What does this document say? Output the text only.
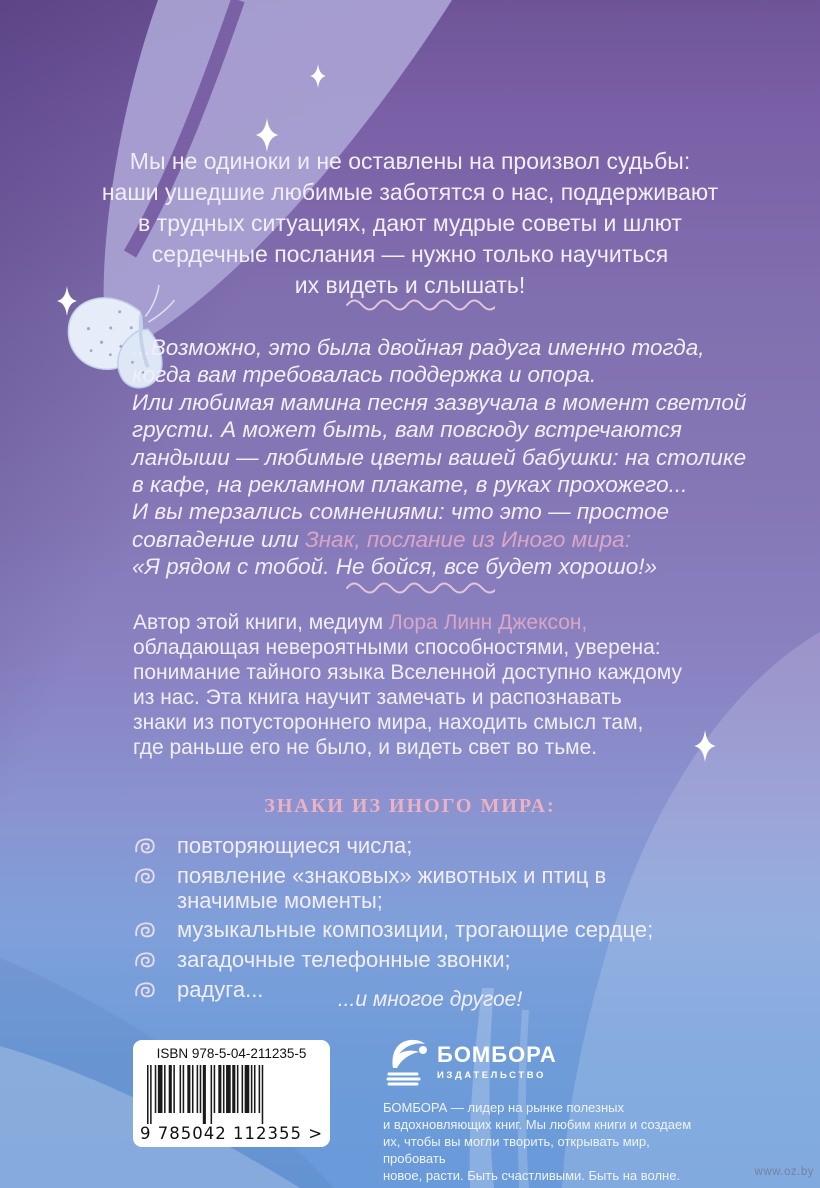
Мы не одиноки и не оставлены на произвол судьбы:
наши ушедшие любимые заботятся о нас, поддерживают
в трудных ситуациях, дают мудрые советы и шлют
сердечные послания — нужно только научиться
их видеть и слышать!
...Возможно, это была двойная радуга именно тогда,
когда вам требовалась поддержка и опора.
Или любимая мамина песня зазвучала в момент светлой
грусти. А может быть, вам повсюду встречаются
ландыши — любимые цветы вашей бабушки: на столике
в кафе, на рекламном плакате, в руках прохожего...
И вы терзались сомнениями: что это — простое
совпадение или Знак, послание из Иного мира:
«Я рядом с тобой. Не бойся, все будет хорошо!»
Автор этой книги, медиум Лора Линн Джексон,
обладающая невероятными способностями, уверена:
понимание тайного языка Вселенной доступно каждому
из нас. Эта книга научит замечать и распознавать
знаки из потустороннего мира, находить смысл там,
где раньше его не было, и видеть свет во тьме.
ЗНАКИ ИЗ ИНОГО МИРА:
повторяющиеся числа;
появление «знаковых» животных и птиц в значимые моменты;
музыкальные композиции, трогающие сердце;
загадочные телефонные звонки;
радуга...	...и многое другое!
ISBN 978-5-04-211235-5
9 785042 112355 >
БОМБОРА
ИЗДАТЕЛЬСТВО
БОМБОРА — лидер на рынке полезных
и вдохновляющих книг. Мы любим книги и создаем
их, чтобы вы могли творить, открывать мир, пробовать
новое, расти. Быть счастливыми. Быть на волне.	www.oz.by
